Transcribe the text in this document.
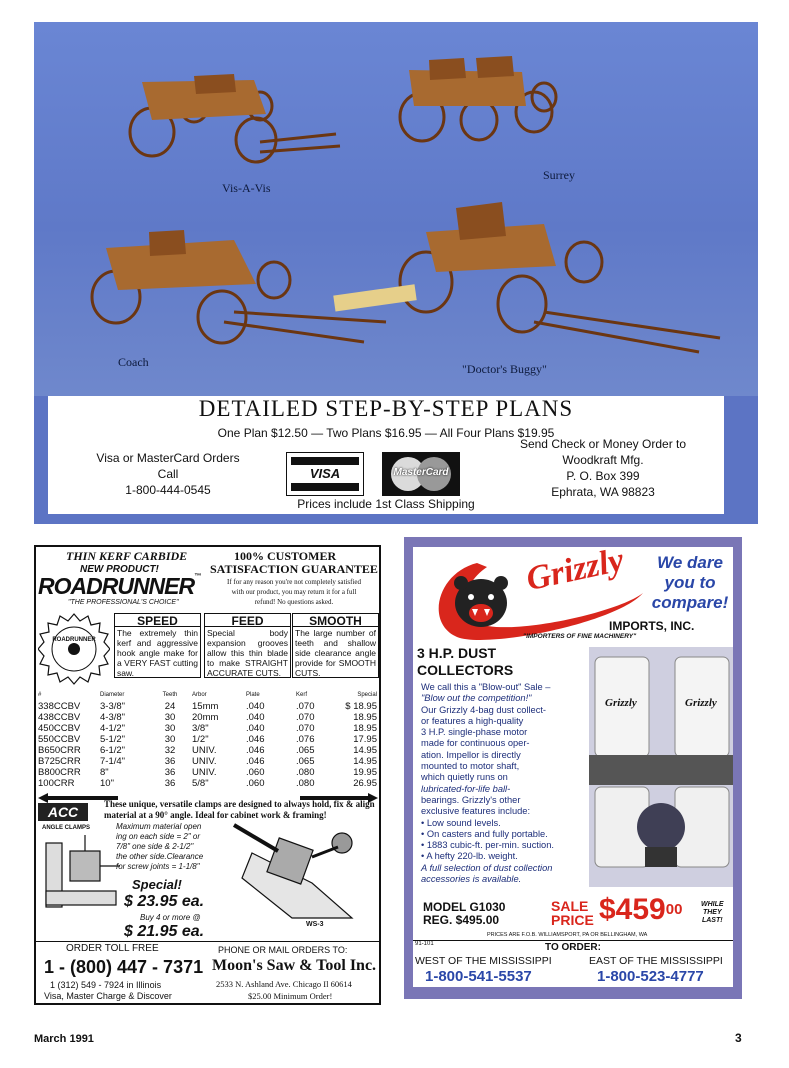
Surrey
Vis-A-Vis
Coach	"Doctor's Buggy"
DETAILED STEP-BY-STEP PLANS
One Plan $12.50 — Two Plans $16.95 — All Four Plans $19.95
Visa or MasterCard Orders
Call
1-800-444-0545
VISA	MasterCard
Send Check or Money Order to
Woodkraft Mfg.
P. O. Box 399
Ephrata, WA 98823
Prices include 1st Class Shipping
THIN KERF CARBIDE
NEW PRODUCT!
ROADRUNNER™
"THE PROFESSIONAL'S CHOICE"
100% CUSTOMER
SATISFACTION GUARANTEE
If for any reason you're not completely satisfied with our product, you may return it for a full refund! No questions asked.
ROADRUNNER
SPEED
The extremely thin kerf and aggressive hook angle make for a VERY FAST cutting saw.
FEED
Special body expansion grooves allow this thin blade to make STRAIGHT ACCURATE CUTS.
SMOOTH
The large number of teeth and shallow side clearance angle provide for SMOOTH CUTS.
#	Diameter	Teeth	Arbor	Plate	Kerf	Special
338CCBV	3-3/8"	24	15mm	.040	.070	$ 18.95
438CCBV	4-3/8"	30	20mm	.040	.070	18.95
450CCBV	4-1/2"	30	3/8"	.040	.070	18.95
550CCBV	5-1/2"	30	1/2"	.046	.076	17.95
B650CRR	6-1/2"	32	UNIV.	.046	.065	14.95
B725CRR	7-1/4"	36	UNIV.	.046	.065	14.95
B800CRR	8"	36	UNIV.	.060	.080	19.95
100CRR	10"	36	5/8"	.060	.080	26.95
ACC
ANGLE CLAMPS
These unique, versatile clamps are designed to always hold, fix & align material at a 90° angle. Ideal for cabinet work & framing!
Maximum material open
ing on each side = 2" or
7/8" one side & 2-1/2"
the other side.Clearance
for screw joints = 1-1/8"
Special!
$ 23.95 ea.
Buy 4 or more @
$ 21.95 ea.	WS-3
ORDER TOLL FREE
1 - (800) 447 - 7371
1 (312) 549 - 7924 in Illinois
Visa, Master Charge & Discover
PHONE OR MAIL ORDERS TO:
Moon's Saw & Tool Inc.
2533 N. Ashland Ave. Chicago Il 60614
$25.00 Minimum Order!
Grizzly	We dare
you to
compare!
IMPORTS, INC.
"IMPORTERS OF FINE MACHINERY"
3 H.P. DUST
COLLECTORS
We call this a "Blow-out" Sale –
"Blow out the competition!"
Our Grizzly 4-bag dust collect-
or features a high-quality
3 H.P. single-phase motor
made for continuous oper-
ation. Impellor is directly
mounted to motor shaft,
which quietly runs on
lubricated-for-life ball-
bearings. Grizzly's other
exclusive features include:
• Low sound levels.
• On casters and fully portable.
• 1883 cubic-ft. per-min. suction.
• A hefty 220-lb. weight.
A full selection of dust collection
accessories is available.
Grizzly	Grizzly
MODEL G1030
REG. $495.00
SALE
PRICE $\$459^{00}$	WHILE
THEY
LAST!
PRICES ARE F.O.B. WILLIAMSPORT, PA OR BELLINGHAM, WA
91-101	TO ORDER:
WEST OF THE MISSISSIPPI	EAST OF THE MISSISSIPPI
1-800-541-5537	1-800-523-4777
March 1991	3
